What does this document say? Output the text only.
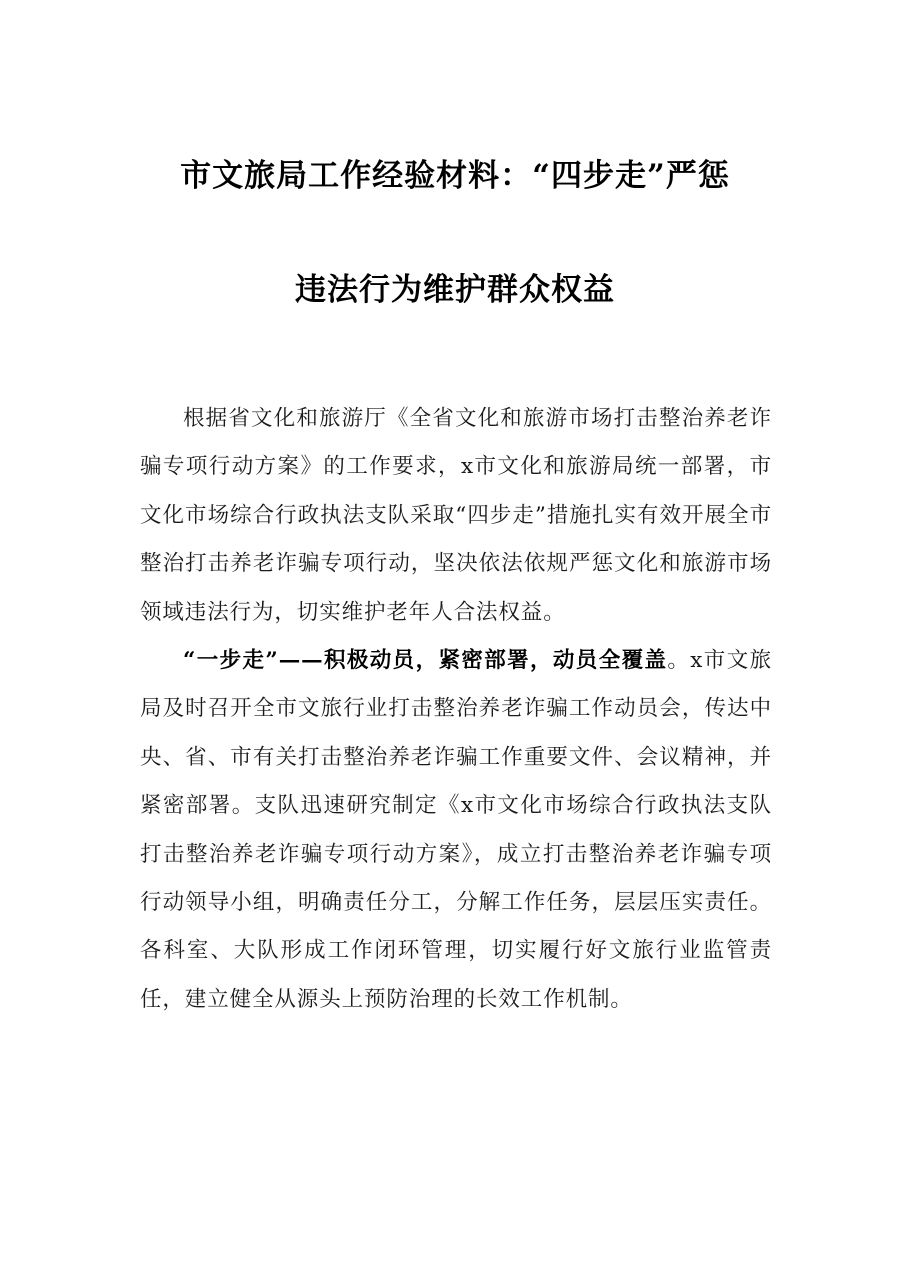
市文旅局工作经验材料：“四步走”严惩
违法行为维护群众权益

根据省文化和旅游厅《全省文化和旅游市场打击整治养老诈骗专项行动方案》的工作要求，x市文化和旅游局统一部署，市文化市场综合行政执法支队采取“四步走”措施扎实有效开展全市整治打击养老诈骗专项行动，坚决依法依规严惩文化和旅游市场领域违法行为，切实维护老年人合法权益。

“一步走”——积极动员，紧密部署，动员全覆盖。x市文旅局及时召开全市文旅行业打击整治养老诈骗工作动员会，传达中央、省、市有关打击整治养老诈骗工作重要文件、会议精神，并紧密部署。支队迅速研究制定《x市文化市场综合行政执法支队打击整治养老诈骗专项行动方案》，成立打击整治养老诈骗专项行动领导小组，明确责任分工，分解工作任务，层层压实责任。各科室、大队形成工作闭环管理，切实履行好文旅行业监管责任，建立健全从源头上预防治理的长效工作机制。
